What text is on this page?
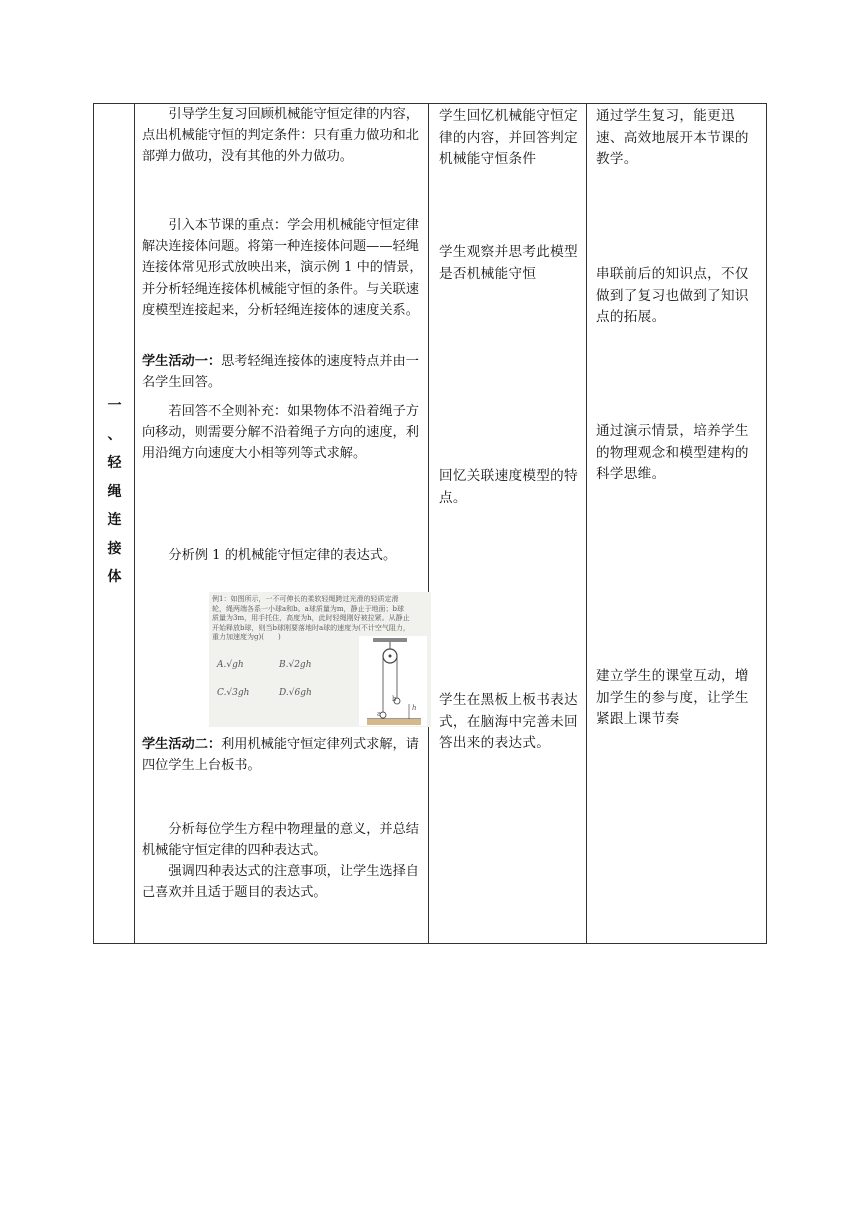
一
、
轻
绳
连
接
体

引导学生复习回顾机械能守恒定律的内容，点出机械能守恒的判定条件：只有重力做功和北部弹力做功，没有其他的外力做功。

引入本节课的重点：学会用机械能守恒定律解决连接体问题。将第一种连接体问题——轻绳连接体常见形式放映出来，演示例 1 中的情景，并分析轻绳连接体机械能守恒的条件。与关联速度模型连接起来，分析轻绳连接体的速度关系。

学生活动一：思考轻绳连接体的速度特点并由一名学生回答。

若回答不全则补充：如果物体不沿着绳子方向移动，则需要分解不沿着绳子方向的速度，利用沿绳方向速度大小相等列等式求解。

分析例 1 的机械能守恒定律的表达式。

例1：如图所示，一不可伸长的柔软轻绳跨过光滑的轻质定滑轮，绳两端各系一小球a和b。a球质量为m，静止于地面；b球质量为3m，用手托住，高度为h，此时轻绳刚好被拉紧。从静止开始释放b球，则当b球刚要落地时a球的速度为(不计空气阻力，重力加速度为g)(　　)
A.√gh	B.√2gh
C.√3gh	D.√6gh
a
b
h

学生活动二：利用机械能守恒定律列式求解，请四位学生上台板书。

分析每位学生方程中物理量的意义，并总结机械能守恒定律的四种表达式。

强调四种表达式的注意事项，让学生选择自己喜欢并且适于题目的表达式。

学生回忆机械能守恒定律的内容，并回答判定机械能守恒条件

学生观察并思考此模型是否机械能守恒

回忆关联速度模型的特点。

学生在黑板上板书表达式，在脑海中完善未回答出来的表达式。

通过学生复习，能更迅速、高效地展开本节课的教学。

串联前后的知识点，不仅做到了复习也做到了知识点的拓展。

通过演示情景，培养学生的物理观念和模型建构的科学思维。

建立学生的课堂互动，增加学生的参与度，让学生紧跟上课节奏
